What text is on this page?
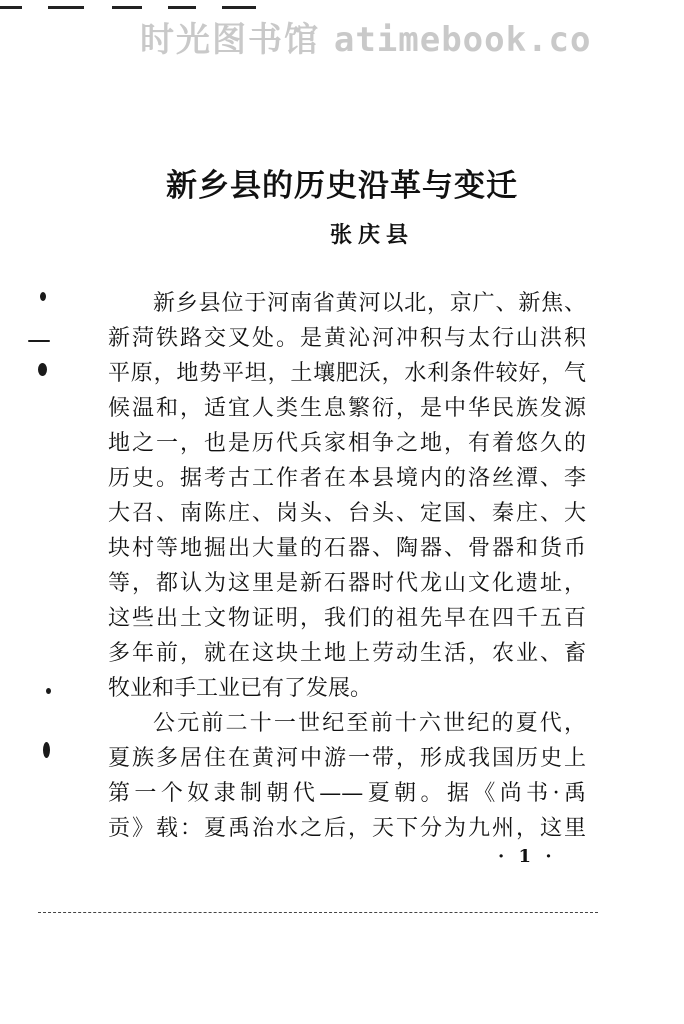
时光图书馆 atimebook.co
新乡县的历史沿革与变迁
张庆县
新乡县位于河南省黄河以北，京广、新焦、
新菏铁路交叉处。是黄沁河冲积与太行山洪积
平原，地势平坦，土壤肥沃，水利条件较好，气
候温和，适宜人类生息繁衍，是中华民族发源
地之一，也是历代兵家相争之地，有着悠久的
历史。据考古工作者在本县境内的洛丝潭、李
大召、南陈庄、岗头、台头、定国、秦庄、大
块村等地掘出大量的石器、陶器、骨器和货币
等，都认为这里是新石器时代龙山文化遗址，
这些出土文物证明，我们的祖先早在四千五百
多年前，就在这块土地上劳动生活，农业、畜
牧业和手工业已有了发展。
公元前二十一世纪至前十六世纪的夏代，
夏族多居住在黄河中游一带，形成我国历史上
第一个奴隶制朝代——夏朝。据《尚书·禹
贡》载：夏禹治水之后，天下分为九州，这里
· 1 ·
